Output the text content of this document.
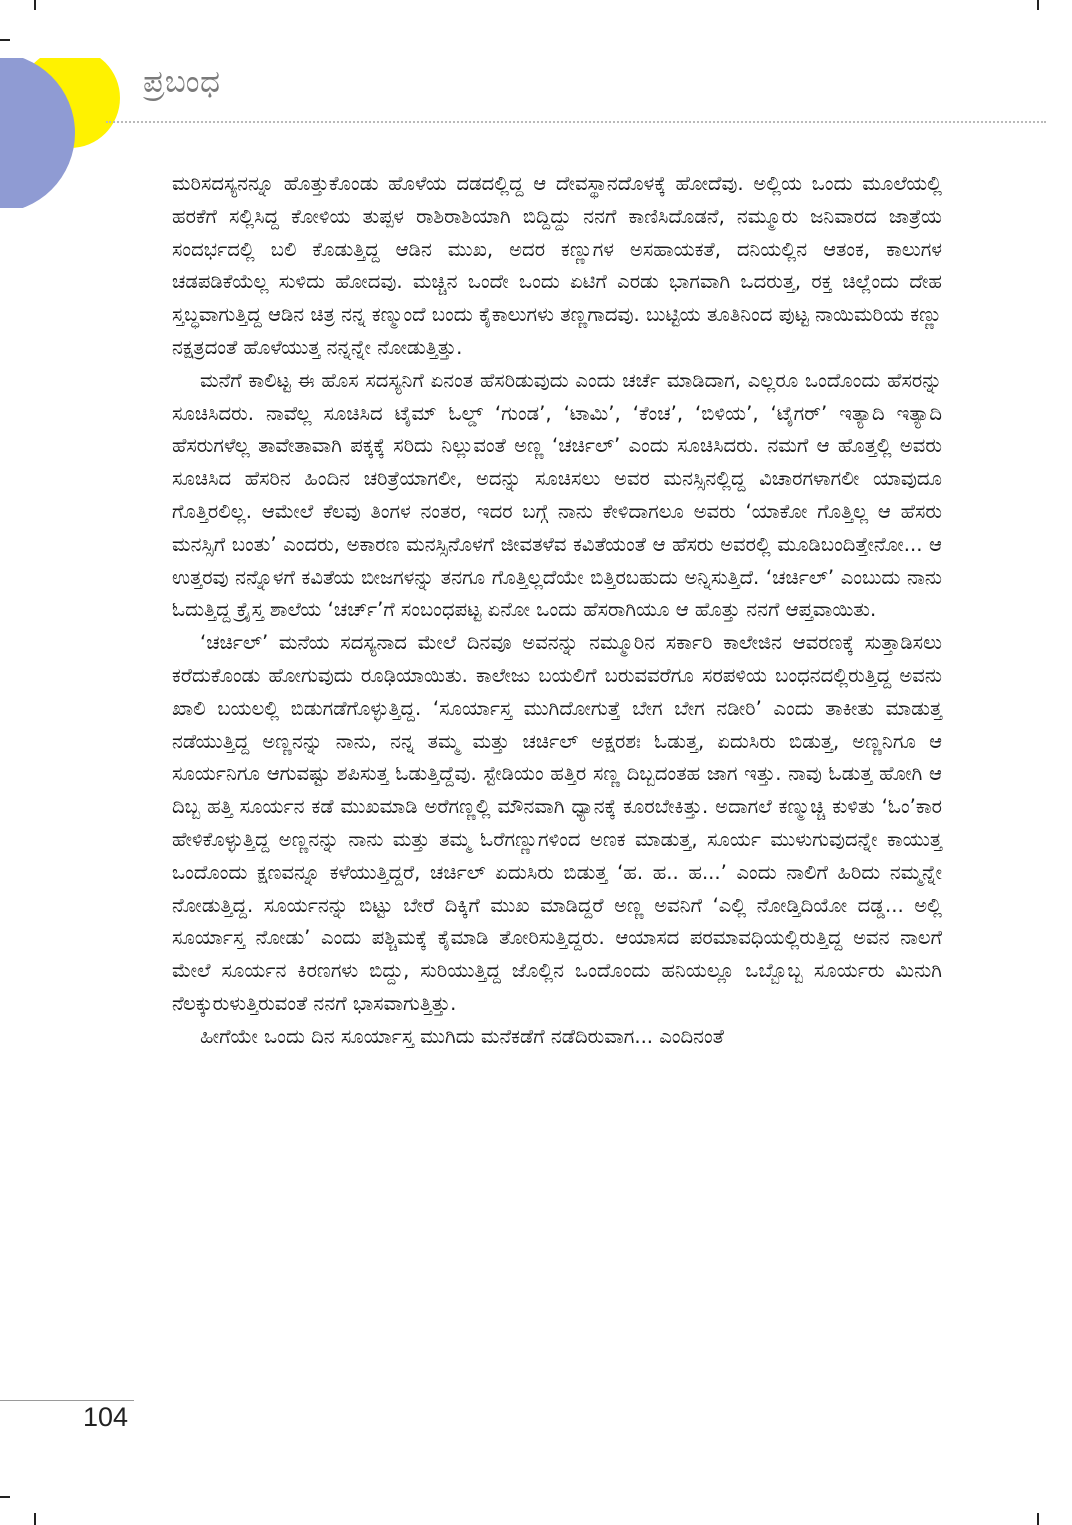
ಪ್ರಬಂಧ

ಮರಿಸದಸ್ಯನನ್ನೂ ಹೊತ್ತುಕೊಂಡು ಹೊಳೆಯ ದಡದಲ್ಲಿದ್ದ ಆ ದೇವಸ್ಥಾನದೊಳಕ್ಕೆ ಹೋದೆವು. ಅಲ್ಲಿಯ ಒಂದು ಮೂಲೆಯಲ್ಲಿ ಹರಕೆಗೆ ಸಲ್ಲಿಸಿದ್ದ ಕೋಳಿಯ ತುಪ್ಪಳ ರಾಶಿರಾಶಿಯಾಗಿ ಬಿದ್ದಿದ್ದು ನನಗೆ ಕಾಣಿಸಿದೊಡನೆ, ನಮ್ಮೂರು ಜನಿವಾರದ ಜಾತ್ರೆಯ ಸಂದರ್ಭದಲ್ಲಿ ಬಲಿ ಕೊಡುತ್ತಿದ್ದ ಆಡಿನ ಮುಖ, ಅದರ ಕಣ್ಣುಗಳ ಅಸಹಾಯಕತೆ, ದನಿಯಲ್ಲಿನ ಆತಂಕ, ಕಾಲುಗಳ ಚಡಪಡಿಕೆಯೆಲ್ಲ ಸುಳಿದು ಹೋದವು. ಮಚ್ಚಿನ ಒಂದೇ ಒಂದು ಏಟಿಗೆ ಎರಡು ಭಾಗವಾಗಿ ಒದರುತ್ತ, ರಕ್ತ ಚಿಲ್ಲೆಂದು ದೇಹ ಸ್ತಬ್ಧವಾಗುತ್ತಿದ್ದ ಆಡಿನ ಚಿತ್ರ ನನ್ನ ಕಣ್ಮುಂದೆ ಬಂದು ಕೈಕಾಲುಗಳು ತಣ್ಣಗಾದವು. ಬುಟ್ಟಿಯ ತೂತಿನಿಂದ ಪುಟ್ಟ ನಾಯಿಮರಿಯ ಕಣ್ಣು ನಕ್ಷತ್ರದಂತೆ ಹೊಳೆಯುತ್ತ ನನ್ನನ್ನೇ ನೋಡುತ್ತಿತ್ತು.

ಮನೆಗೆ ಕಾಲಿಟ್ಟ ಈ ಹೊಸ ಸದಸ್ಯನಿಗೆ ಏನಂತ ಹೆಸರಿಡುವುದು ಎಂದು ಚರ್ಚೆ ಮಾಡಿದಾಗ, ಎಲ್ಲರೂ ಒಂದೊಂದು ಹೆಸರನ್ನು ಸೂಚಿಸಿದರು. ನಾವೆಲ್ಲ ಸೂಚಿಸಿದ ಟೈಮ್ ಓಲ್ಡ್ ‘ಗುಂಡ’, ‘ಟಾಮಿ’, ‘ಕೆಂಚ’, ‘ಬಿಳಿಯ’, ‘ಟೈಗರ್’ ಇತ್ಯಾದಿ ಇತ್ಯಾದಿ ಹೆಸರುಗಳೆಲ್ಲ ತಾವೇತಾವಾಗಿ ಪಕ್ಕಕ್ಕೆ ಸರಿದು ನಿಲ್ಲುವಂತೆ ಅಣ್ಣ ‘ಚರ್ಚಿಲ್’ ಎಂದು ಸೂಚಿಸಿದರು. ನಮಗೆ ಆ ಹೊತ್ತಲ್ಲಿ ಅವರು ಸೂಚಿಸಿದ ಹೆಸರಿನ ಹಿಂದಿನ ಚರಿತ್ರೆಯಾಗಲೀ, ಅದನ್ನು ಸೂಚಿಸಲು ಅವರ ಮನಸ್ಸಿನಲ್ಲಿದ್ದ ವಿಚಾರಗಳಾಗಲೀ ಯಾವುದೂ ಗೊತ್ತಿರಲಿಲ್ಲ. ಆಮೇಲೆ ಕೆಲವು ತಿಂಗಳ ನಂತರ, ಇದರ ಬಗ್ಗೆ ನಾನು ಕೇಳಿದಾಗಲೂ ಅವರು ‘ಯಾಕೋ ಗೊತ್ತಿಲ್ಲ ಆ ಹೆಸರು ಮನಸ್ಸಿಗೆ ಬಂತು’ ಎಂದರು, ಅಕಾರಣ ಮನಸ್ಸಿನೊಳಗೆ ಜೀವತಳೆವ ಕವಿತೆಯಂತೆ ಆ ಹೆಸರು ಅವರಲ್ಲಿ ಮೂಡಿಬಂದಿತ್ತೇನೋ... ಆ ಉತ್ತರವು ನನ್ನೊಳಗೆ ಕವಿತೆಯ ಬೀಜಗಳನ್ನು ತನಗೂ ಗೊತ್ತಿಲ್ಲದೆಯೇ ಬಿತ್ತಿರಬಹುದು ಅನ್ನಿಸುತ್ತಿದೆ. ‘ಚರ್ಚಿಲ್’ ಎಂಬುದು ನಾನು ಓದುತ್ತಿದ್ದ ಕ್ರೈಸ್ತ ಶಾಲೆಯ ‘ಚರ್ಚ್’ಗೆ ಸಂಬಂಧಪಟ್ಟ ಏನೋ ಒಂದು ಹೆಸರಾಗಿಯೂ ಆ ಹೊತ್ತು ನನಗೆ ಆಪ್ತವಾಯಿತು.

‘ಚರ್ಚಿಲ್’ ಮನೆಯ ಸದಸ್ಯನಾದ ಮೇಲೆ ದಿನವೂ ಅವನನ್ನು ನಮ್ಮೂರಿನ ಸರ್ಕಾರಿ ಕಾಲೇಜಿನ ಆವರಣಕ್ಕೆ ಸುತ್ತಾಡಿಸಲು ಕರೆದುಕೊಂಡು ಹೋಗುವುದು ರೂಢಿಯಾಯಿತು. ಕಾಲೇಜು ಬಯಲಿಗೆ ಬರುವವರೆಗೂ ಸರಪಳಿಯ ಬಂಧನದಲ್ಲಿರುತ್ತಿದ್ದ ಅವನು ಖಾಲಿ ಬಯಲಲ್ಲಿ ಬಿಡುಗಡೆಗೊಳ್ಳುತ್ತಿದ್ದ. ‘ಸೂರ್ಯಾಸ್ತ ಮುಗಿದೋಗುತ್ತೆ ಬೇಗ ಬೇಗ ನಡೀರಿ’ ಎಂದು ತಾಕೀತು ಮಾಡುತ್ತ ನಡೆಯುತ್ತಿದ್ದ ಅಣ್ಣನನ್ನು ನಾನು, ನನ್ನ ತಮ್ಮ ಮತ್ತು ಚರ್ಚಿಲ್ ಅಕ್ಷರಶಃ ಓಡುತ್ತ, ಏದುಸಿರು ಬಿಡುತ್ತ, ಅಣ್ಣನಿಗೂ ಆ ಸೂರ್ಯನಿಗೂ ಆಗುವಷ್ಟು ಶಪಿಸುತ್ತ ಓಡುತ್ತಿದ್ದೆವು. ಸ್ಟೇಡಿಯಂ ಹತ್ತಿರ ಸಣ್ಣ ದಿಬ್ಬದಂತಹ ಜಾಗ ಇತ್ತು. ನಾವು ಓಡುತ್ತ ಹೋಗಿ ಆ ದಿಬ್ಬ ಹತ್ತಿ ಸೂರ್ಯನ ಕಡೆ ಮುಖಮಾಡಿ ಅರೆಗಣ್ಣಲ್ಲಿ ಮೌನವಾಗಿ ಧ್ಯಾನಕ್ಕೆ ಕೂರಬೇಕಿತ್ತು. ಅದಾಗಲೆ ಕಣ್ಮುಚ್ಚಿ ಕುಳಿತು ‘ಓಂ’ಕಾರ ಹೇಳಿಕೊಳ್ಳುತ್ತಿದ್ದ ಅಣ್ಣನನ್ನು ನಾನು ಮತ್ತು ತಮ್ಮ ಓರೆಗಣ್ಣುಗಳಿಂದ ಅಣಕ ಮಾಡುತ್ತ, ಸೂರ್ಯ ಮುಳುಗುವುದನ್ನೇ ಕಾಯುತ್ತ ಒಂದೊಂದು ಕ್ಷಣವನ್ನೂ ಕಳೆಯುತ್ತಿದ್ದರೆ, ಚರ್ಚಿಲ್ ಏದುಸಿರು ಬಿಡುತ್ತ ‘ಹ. ಹ.. ಹ...’ ಎಂದು ನಾಲಿಗೆ ಹಿರಿದು ನಮ್ಮನ್ನೇ ನೋಡುತ್ತಿದ್ದ. ಸೂರ್ಯನನ್ನು ಬಿಟ್ಟು ಬೇರೆ ದಿಕ್ಕಿಗೆ ಮುಖ ಮಾಡಿದ್ದರೆ ಅಣ್ಣ ಅವನಿಗೆ ‘ಎಲ್ಲಿ ನೋಡ್ತಿದಿಯೋ ದಡ್ಡ... ಅಲ್ಲಿ ಸೂರ್ಯಾಸ್ತ ನೋಡು’ ಎಂದು ಪಶ್ಚಿಮಕ್ಕೆ ಕೈಮಾಡಿ ತೋರಿಸುತ್ತಿದ್ದರು. ಆಯಾಸದ ಪರಮಾವಧಿಯಲ್ಲಿರುತ್ತಿದ್ದ ಅವನ ನಾಲಗೆ ಮೇಲೆ ಸೂರ್ಯನ ಕಿರಣಗಳು ಬಿದ್ದು, ಸುರಿಯುತ್ತಿದ್ದ ಜೊಲ್ಲಿನ ಒಂದೊಂದು ಹನಿಯಲ್ಲೂ ಒಬ್ಬೊಬ್ಬ ಸೂರ್ಯರು ಮಿನುಗಿ ನೆಲಕ್ಕುರುಳುತ್ತಿರುವಂತೆ ನನಗೆ ಭಾಸವಾಗುತ್ತಿತ್ತು.

ಹೀಗೆಯೇ ಒಂದು ದಿನ ಸೂರ್ಯಾಸ್ತ ಮುಗಿದು ಮನೆಕಡೆಗೆ ನಡೆದಿರುವಾಗ... ಎಂದಿನಂತೆ

104
